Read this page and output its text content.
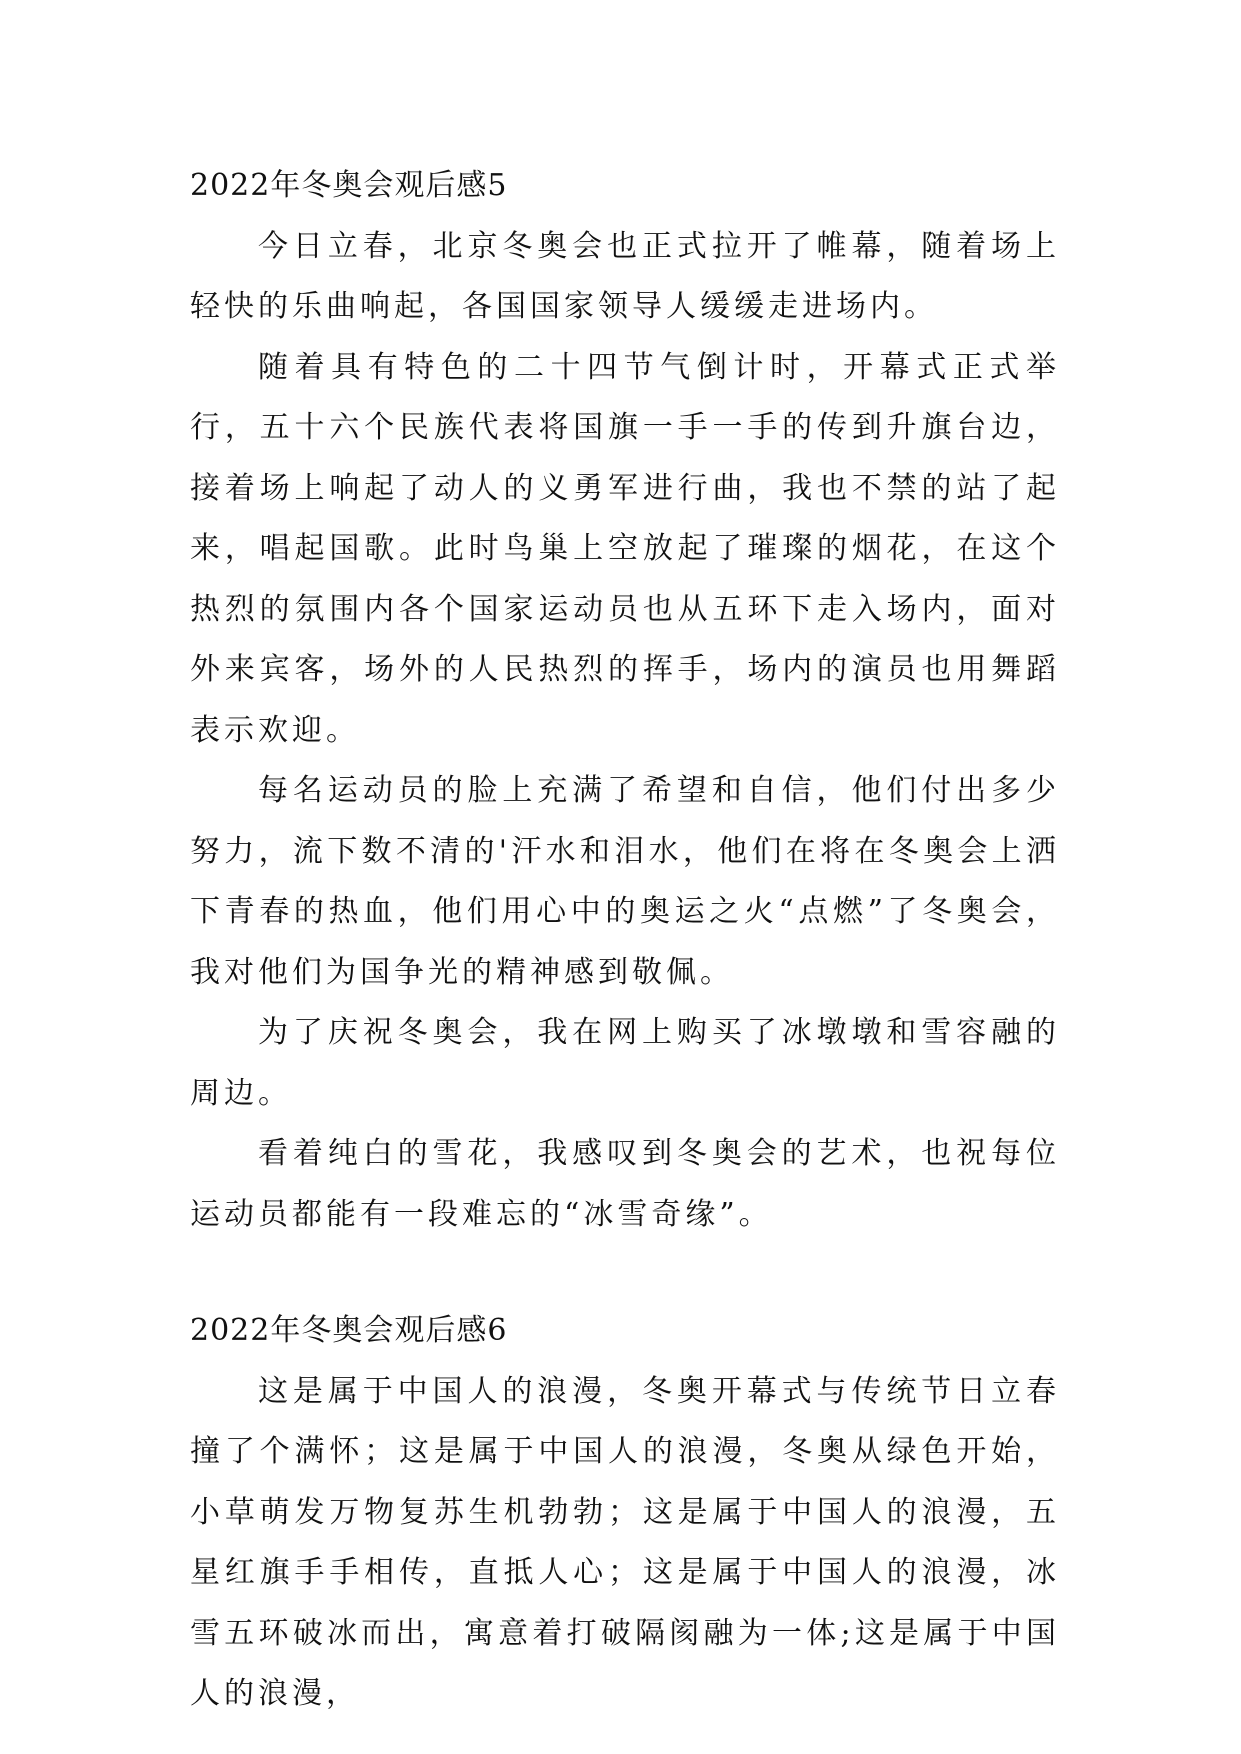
2022年冬奥会观后感5

今日立春，北京冬奥会也正式拉开了帷幕，随着场上轻快的乐曲响起，各国国家领导人缓缓走进场内。

随着具有特色的二十四节气倒计时，开幕式正式举行，五十六个民族代表将国旗一手一手的传到升旗台边，接着场上响起了动人的义勇军进行曲，我也不禁的站了起来，唱起国歌。此时鸟巢上空放起了璀璨的烟花，在这个热烈的氛围内各个国家运动员也从五环下走入场内，面对外来宾客，场外的人民热烈的挥手，场内的演员也用舞蹈表示欢迎。

每名运动员的脸上充满了希望和自信，他们付出多少努力，流下数不清的'汗水和泪水，他们在将在冬奥会上洒下青春的热血，他们用心中的奥运之火“点燃”了冬奥会，我对他们为国争光的精神感到敬佩。

为了庆祝冬奥会，我在网上购买了冰墩墩和雪容融的周边。

看着纯白的雪花，我感叹到冬奥会的艺术，也祝每位运动员都能有一段难忘的“冰雪奇缘”。

2022年冬奥会观后感6

这是属于中国人的浪漫，冬奥开幕式与传统节日立春撞了个满怀；这是属于中国人的浪漫，冬奥从绿色开始，小草萌发万物复苏生机勃勃；这是属于中国人的浪漫，五星红旗手手相传，直抵人心；这是属于中国人的浪漫，冰雪五环破冰而出，寓意着打破隔阂融为一体;这是属于中国人的浪漫，
